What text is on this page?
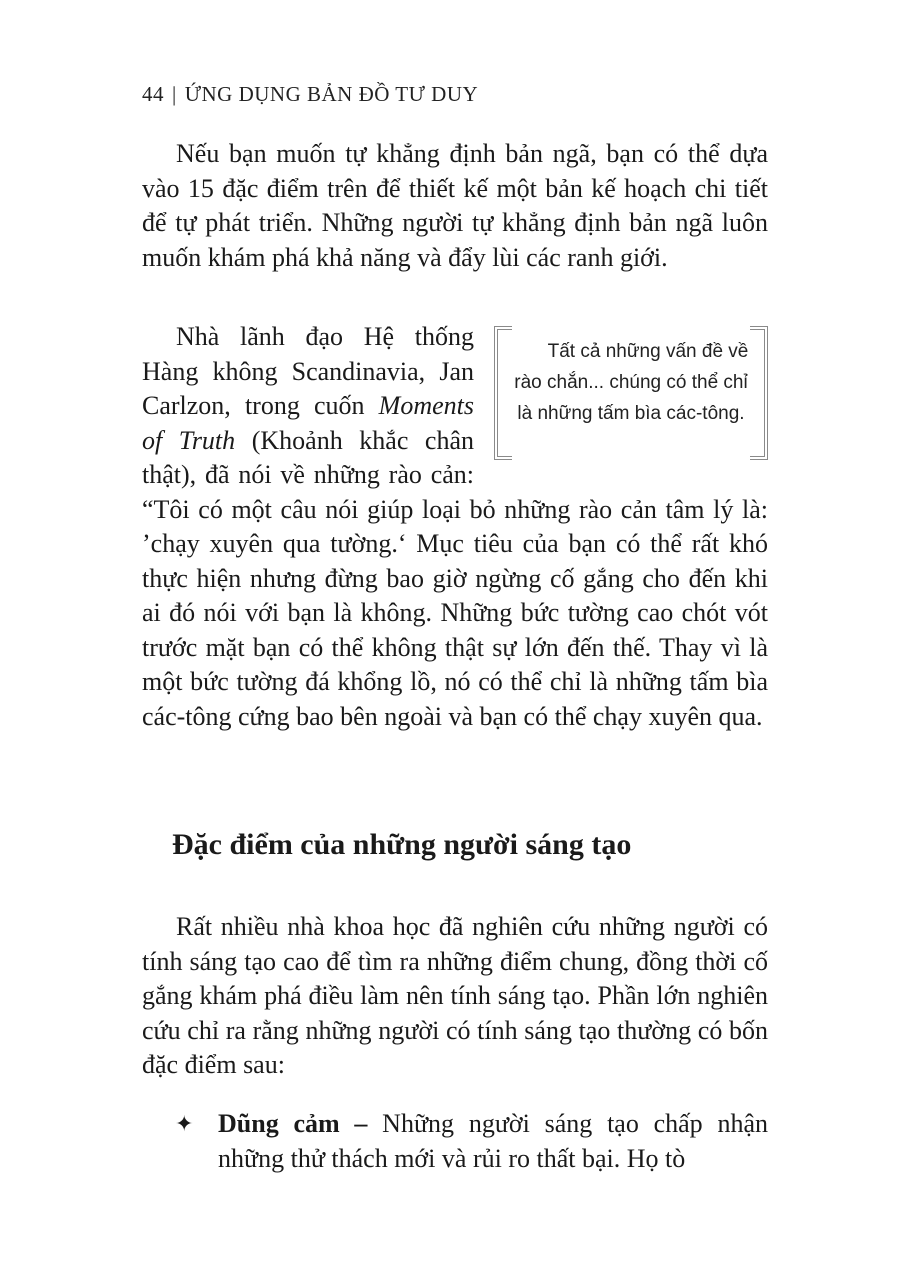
44 | ỨNG DỤNG BẢN ĐỒ TƯ DUY

Nếu bạn muốn tự khẳng định bản ngã, bạn có thể dựa vào 15 đặc điểm trên để thiết kế một bản kế hoạch chi tiết để tự phát triển. Những người tự khẳng định bản ngã luôn muốn khám phá khả năng và đẩy lùi các ranh giới.

Tất cả những vấn đề về rào chắn... chúng có thể chỉ là những tấm bìa các-tông.
Nhà lãnh đạo Hệ thống Hàng không Scandinavia, Jan Carlzon, trong cuốn Moments of Truth (Khoảnh khắc chân thật), đã nói về những rào cản: “Tôi có một câu nói giúp loại bỏ những rào cản tâm lý là: ’chạy xuyên qua tường.‘ Mục tiêu của bạn có thể rất khó thực hiện nhưng đừng bao giờ ngừng cố gắng cho đến khi ai đó nói với bạn là không. Những bức tường cao chót vót trước mặt bạn có thể không thật sự lớn đến thế. Thay vì là một bức tường đá khổng lồ, nó có thể chỉ là những tấm bìa các-tông cứng bao bên ngoài và bạn có thể chạy xuyên qua.
Đặc điểm của những người sáng tạo

Rất nhiều nhà khoa học đã nghiên cứu những người có tính sáng tạo cao để tìm ra những điểm chung, đồng thời cố gắng khám phá điều làm nên tính sáng tạo. Phần lớn nghiên cứu chỉ ra rằng những người có tính sáng tạo thường có bốn đặc điểm sau:

✦ Dũng cảm – Những người sáng tạo chấp nhận những thử thách mới và rủi ro thất bại. Họ tò
